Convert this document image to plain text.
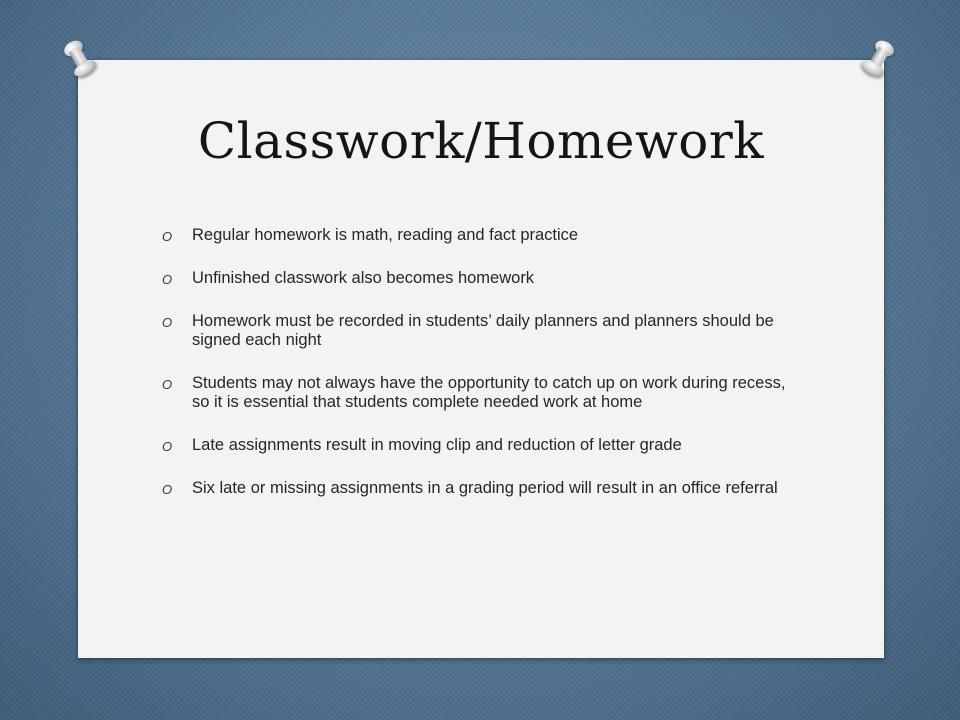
Classwork/Homework
O Regular homework is math, reading and fact practice
O Unfinished classwork also becomes homework
O Homework must be recorded in students’ daily planners and planners should be signed each night
O Students may not always have the opportunity to catch up on work during recess, so it is essential that students complete needed work at home
O Late assignments result in moving clip and reduction of letter grade
O Six late or missing assignments in a grading period will result in an office referral
